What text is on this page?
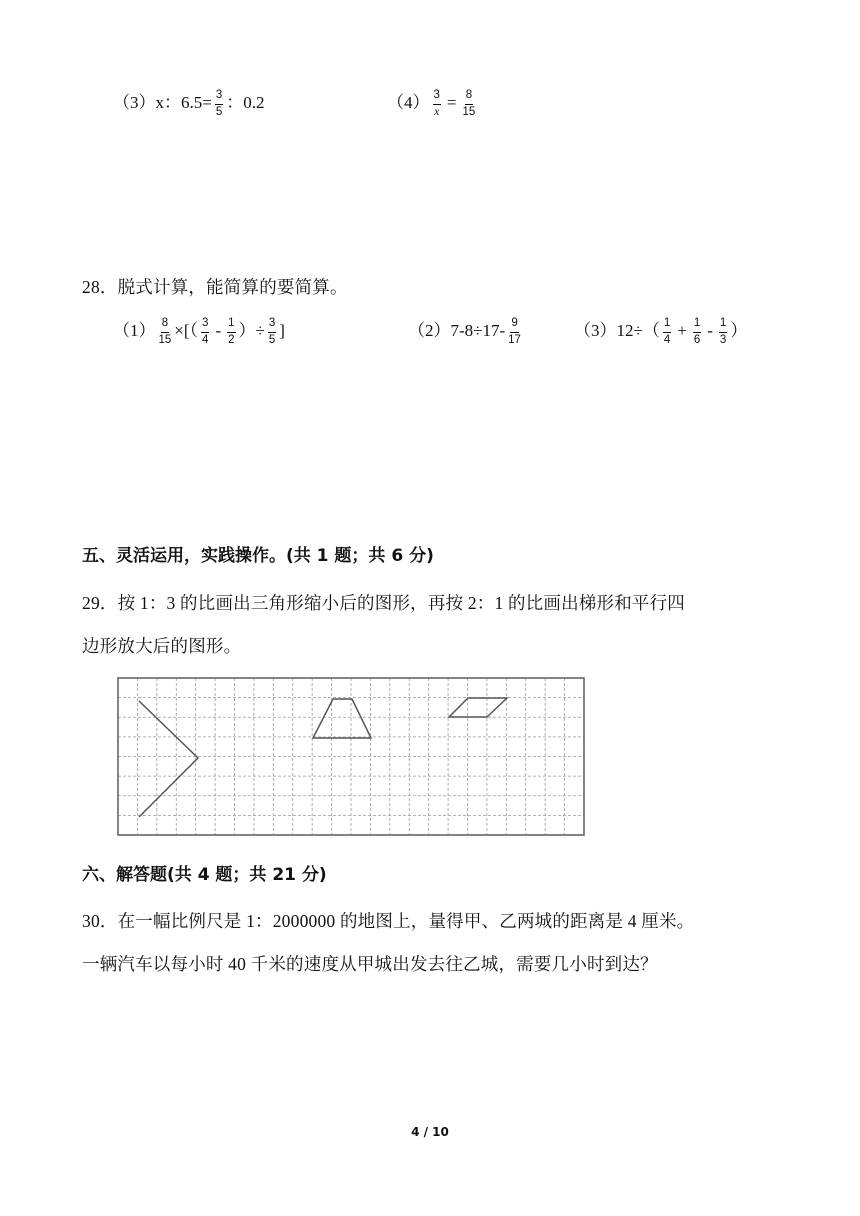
（3）x：$6.5= \frac{3}{5}$ ：0.2	$(4) \frac{3}{x} = \frac{8}{15}$
28．脱式计算，能简算的要简算。
$(1) \frac{8}{15}$ ×[（ $\frac{3}{4} - \frac{1}{2}$ ）÷ $\frac{3}{5}$ ]	$(2)7-8\div 17- \frac{9}{17}$	$(3)12\div( \frac{1}{4} + \frac{1}{6} - \frac{1}{3}$ ）
五、灵活运用，实践操作。(共 1 题；共 6 分)
29．按 1：3 的比画出三角形缩小后的图形，再按 2：1 的比画出梯形和平行四
边形放大后的图形。
六、解答题(共 4 题；共 21 分)
30．在一幅比例尺是 1：2000000 的地图上，量得甲、乙两城的距离是 4 厘米。
一辆汽车以每小时 40 千米的速度从甲城出发去往乙城，需要几小时到达？
4 / 10
